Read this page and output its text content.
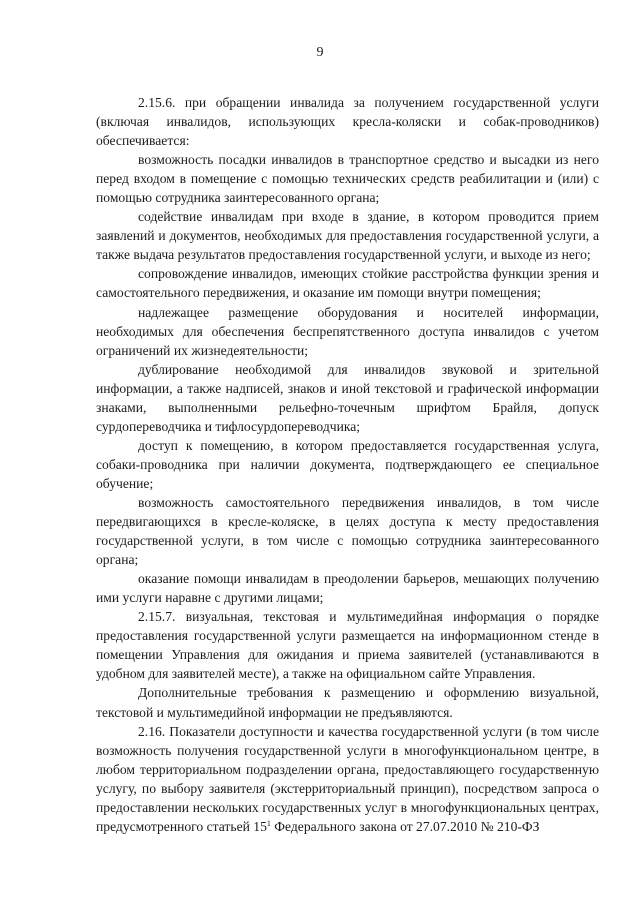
9

2.15.6. при обращении инвалида за получением государственной услуги (включая инвалидов, использующих кресла-коляски и собак-проводников) обеспечивается:

возможность посадки инвалидов в транспортное средство и высадки из него перед входом в помещение с помощью технических средств реабилитации и (или) с помощью сотрудника заинтересованного органа;

содействие инвалидам при входе в здание, в котором проводится прием заявлений и документов, необходимых для предоставления государственной услуги, а также выдача результатов предоставления государственной услуги, и выходе из него;

сопровождение инвалидов, имеющих стойкие расстройства функции зрения и самостоятельного передвижения, и оказание им помощи внутри помещения;

надлежащее размещение оборудования и носителей информации, необходимых для обеспечения беспрепятственного доступа инвалидов с учетом ограничений их жизнедеятельности;

дублирование необходимой для инвалидов звуковой и зрительной информации, а также надписей, знаков и иной текстовой и графической информации знаками, выполненными рельефно-точечным шрифтом Брайля, допуск сурдопереводчика и тифлосурдопереводчика;

доступ к помещению, в котором предоставляется государственная услуга, собаки-проводника при наличии документа, подтверждающего ее специальное обучение;

возможность самостоятельного передвижения инвалидов, в том числе передвигающихся в кресле-коляске, в целях доступа к месту предоставления государственной услуги, в том числе с помощью сотрудника заинтересованного органа;

оказание помощи инвалидам в преодолении барьеров, мешающих получению ими услуги наравне с другими лицами;

2.15.7. визуальная, текстовая и мультимедийная информация о порядке предоставления государственной услуги размещается на информационном стенде в помещении Управления для ожидания и приема заявителей (устанавливаются в удобном для заявителей месте), а также на официальном сайте Управления.

Дополнительные требования к размещению и оформлению визуальной, текстовой и мультимедийной информации не предъявляются.

2.16. Показатели доступности и качества государственной услуги (в том числе возможность получения государственной услуги в многофункциональном центре, в любом территориальном подразделении органа, предоставляющего государственную услугу, по выбору заявителя (экстерриториальный принцип), посредством запроса о предоставлении нескольких государственных услуг в многофункциональных центрах, предусмотренного статьей $15^1$ Федерального закона от 27.07.2010 № 210-ФЗ
